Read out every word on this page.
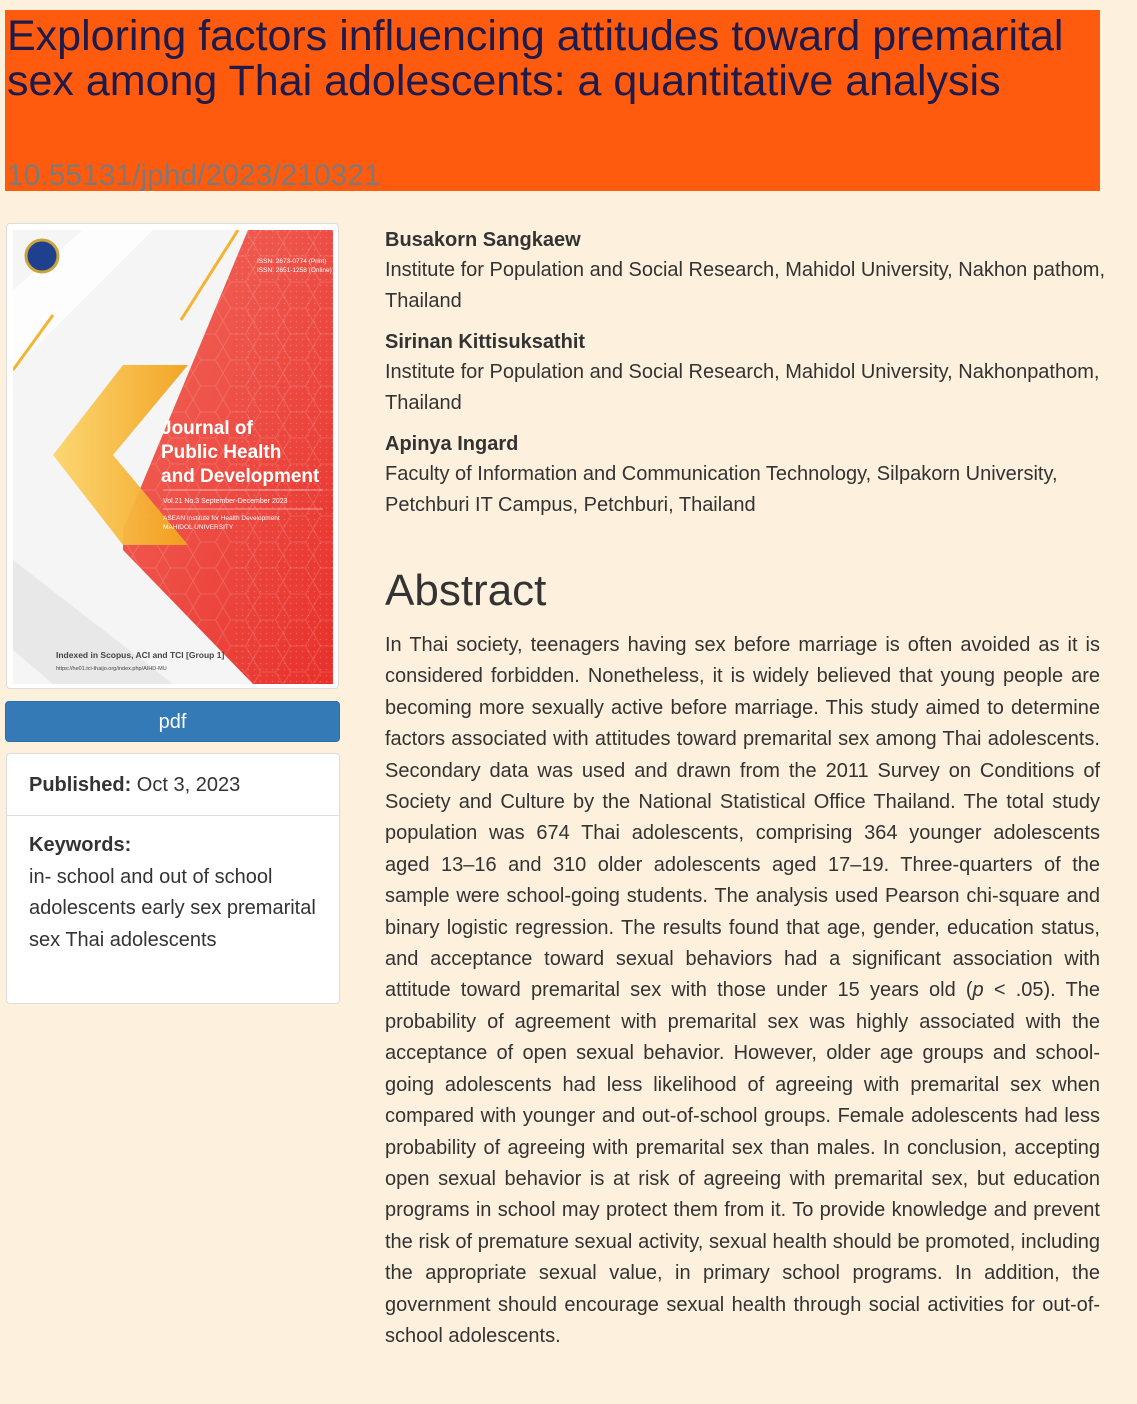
Exploring factors influencing attitudes toward premarital sex among Thai adolescents: a quantitative analysis
10.55131/jphd/2023/210321
ISSN: 2673-0774 (Print)
ISSN: 2651-1258 (Online)
Journal of
Public Health
and Development
Vol.21 No.3 September-December 2023
ASEAN Institute for Health Development
MAHIDOL UNIVERSITY
Indexed in Scopus, ACI and TCI [Group 1]
https://he01.tci-thaijo.org/index.php/AIHD-MU
pdf
Published: Oct 3, 2023
Keywords:
in- school and out of school adolescents early sex premarital sex Thai adolescents
Busakorn Sangkaew
Institute for Population and Social Research, Mahidol University, Nakhon pathom, Thailand
Sirinan Kittisuksathit
Institute for Population and Social Research, Mahidol University, Nakhonpathom, Thailand
Apinya Ingard
Faculty of Information and Communication Technology, Silpakorn University, Petchburi IT Campus, Petchburi, Thailand
Abstract

In Thai society, teenagers having sex before marriage is often avoided as it is considered forbidden. Nonetheless, it is widely believed that young people are becoming more sexually active before marriage. This study aimed to determine factors associated with attitudes toward premarital sex among Thai adolescents. Secondary data was used and drawn from the 2011 Survey on Conditions of Society and Culture by the National Statistical Office Thailand. The total study population was 674 Thai adolescents, comprising 364 younger adolescents aged 13–16 and 310 older adolescents aged 17–19. Three-quarters of the sample were school-going students. The analysis used Pearson chi-square and binary logistic regression. The results found that age, gender, education status, and acceptance toward sexual behaviors had a significant association with attitude toward premarital sex with those under 15 years old (p < .05). The probability of agreement with premarital sex was highly associated with the acceptance of open sexual behavior. However, older age groups and school-going adolescents had less likelihood of agreeing with premarital sex when compared with younger and out-of-school groups. Female adolescents had less probability of agreeing with premarital sex than males. In conclusion, accepting open sexual behavior is at risk of agreeing with premarital sex, but education programs in school may protect them from it. To provide knowledge and prevent the risk of premature sexual activity, sexual health should be promoted, including the appropriate sexual value, in primary school programs. In addition, the government should encourage sexual health through social activities for out-of-school adolescents.
